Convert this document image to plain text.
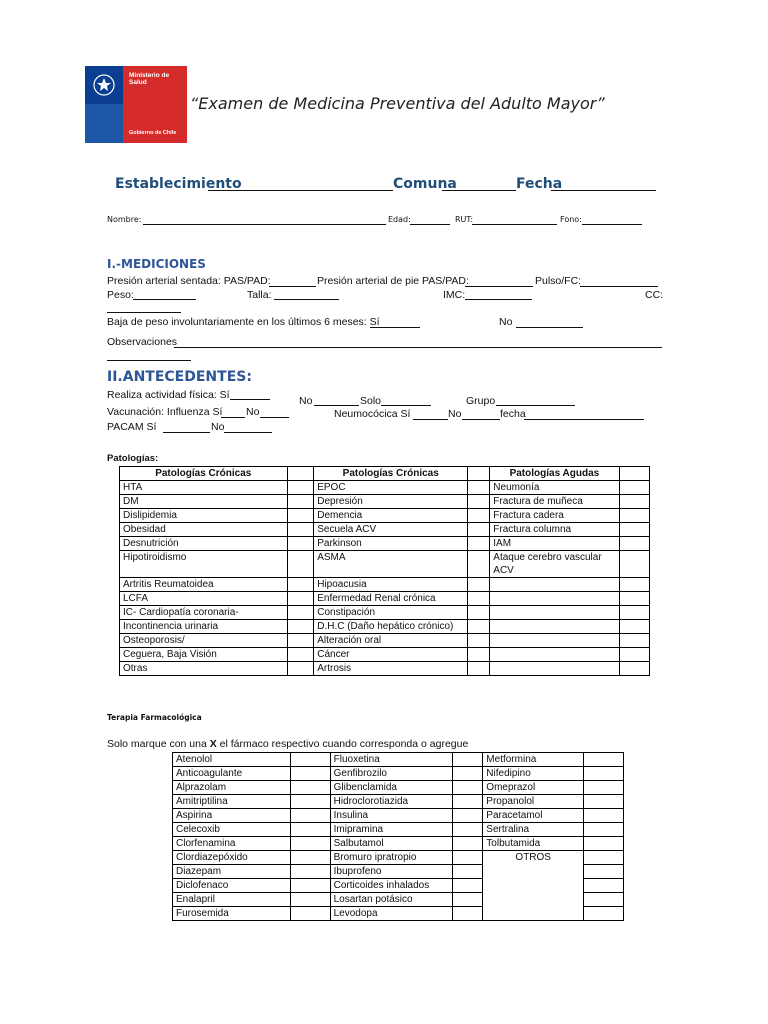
Ministerio de
Salud
Gobierno de Chile
“Examen de Medicina Preventiva del Adulto Mayor”
Establecimiento	Comuna	Fecha
Nombre:	Edad:	RUT:	Fono:
I.-MEDICIONES
Presión arterial sentada: PAS/PAD:	Presión arterial de pie PAS/PAD:	Pulso/FC:
Peso:	Talla:	IMC:	CC:
Baja de peso involuntariamente en los últimos 6 meses: Sí	No
Observaciones
II.ANTECEDENTES:
Realiza actividad física: Sí	No	Solo	Grupo
Vacunación: Influenza Sí No	Neumocócica Sí	No	fecha
PACAM Sí	No
Patologías:
Patologías Crónicas		Patologías Crónicas		Patologías Agudas	
HTA		EPOC		Neumonía	
DM		Depresión		Fractura de muñeca	
Dislipidemia		Demencia		Fractura cadera	
Obesidad		Secuela ACV		Fractura columna	
Desnutrición		Parkinson		IAM	
Hipotiroidismo		ASMA		Ataque cerebro vascular ACV	
Artritis Reumatoidea		Hipoacusia			
LCFA		Enfermedad Renal crónica			
IC- Cardiopatía coronaria-		Constipación			
Incontinencia urinaria		D.H.C (Daño hepático crónico)			
Osteoporosis/		Alteración oral			
Ceguera, Baja Visión		Cáncer			
Otras		Artrosis			
Terapia Farmacológica
Solo marque con una X el fármaco respectivo cuando corresponda o agregue
Atenolol		Fluoxetina		Metformina	
Anticoagulante		Genfibrozilo		Nifedipino	
Alprazolam		Glibenclamida		Omeprazol	
Amitriptilina		Hidroclorotiazida		Propanolol	
Aspirina		Insulina		Paracetamol	
Celecoxib		Imipramina		Sertralina	
Clorfenamina		Salbutamol		Tolbutamida	
Clordiazepóxido		Bromuro ipratropio		OTROS	
Diazepam		Ibuprofeno			
Diclofenaco		Corticoides inhalados			
Enalapril		Losartan potásico			
Furosemida		Levodopa			
